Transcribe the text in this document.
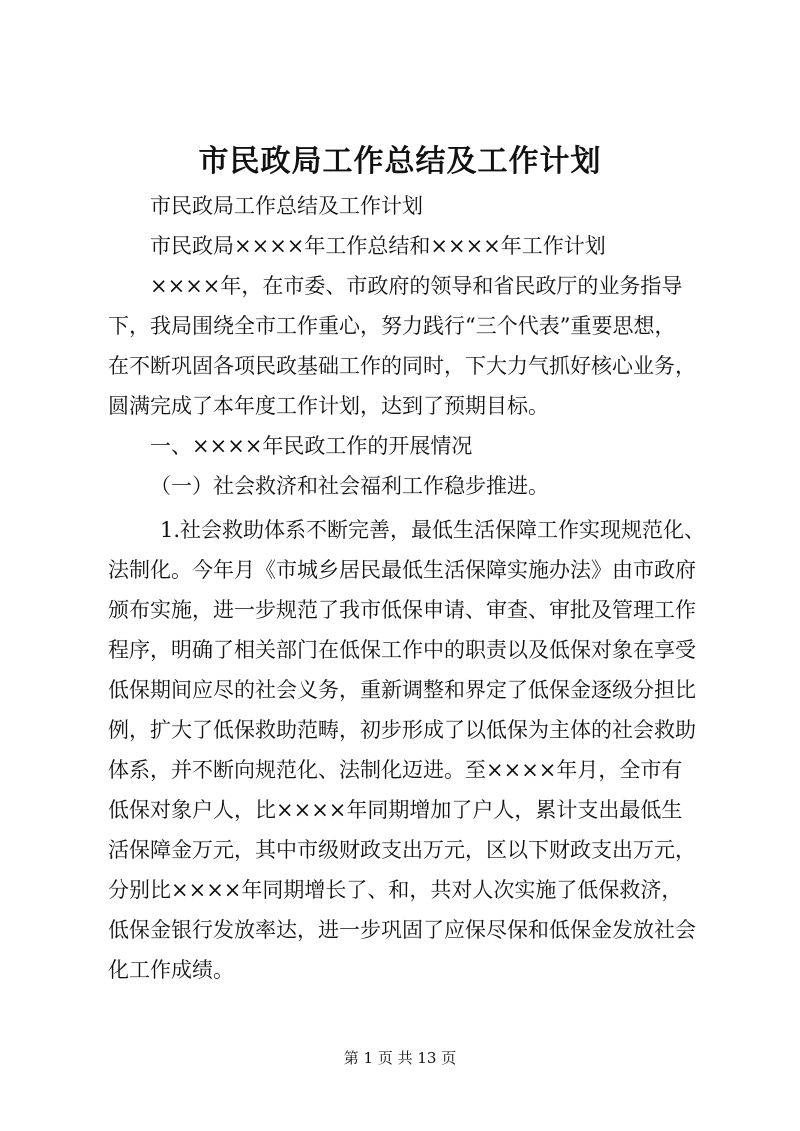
市民政局工作总结及工作计划
市民政局工作总结及工作计划
市民政局××××年工作总结和××××年工作计划
××××年，在市委、市政府的领导和省民政厅的业务指导
下，我局围绕全市工作重心，努力践行“三个代表”重要思想，
在不断巩固各项民政基础工作的同时，下大力气抓好核心业务，
圆满完成了本年度工作计划，达到了预期目标。
一、××××年民政工作的开展情况
（一）社会救济和社会福利工作稳步推进。
1.社会救助体系不断完善，最低生活保障工作实现规范化、
法制化。今年月《市城乡居民最低生活保障实施办法》由市政府
颁布实施，进一步规范了我市低保申请、审查、审批及管理工作
程序，明确了相关部门在低保工作中的职责以及低保对象在享受
低保期间应尽的社会义务，重新调整和界定了低保金逐级分担比
例，扩大了低保救助范畴，初步形成了以低保为主体的社会救助
体系，并不断向规范化、法制化迈进。至××××年月，全市有
低保对象户人，比××××年同期增加了户人，累计支出最低生
活保障金万元，其中市级财政支出万元，区以下财政支出万元，
分别比××××年同期增长了、和，共对人次实施了低保救济，
低保金银行发放率达，进一步巩固了应保尽保和低保金发放社会
化工作成绩。
第 1 页 共 13 页
